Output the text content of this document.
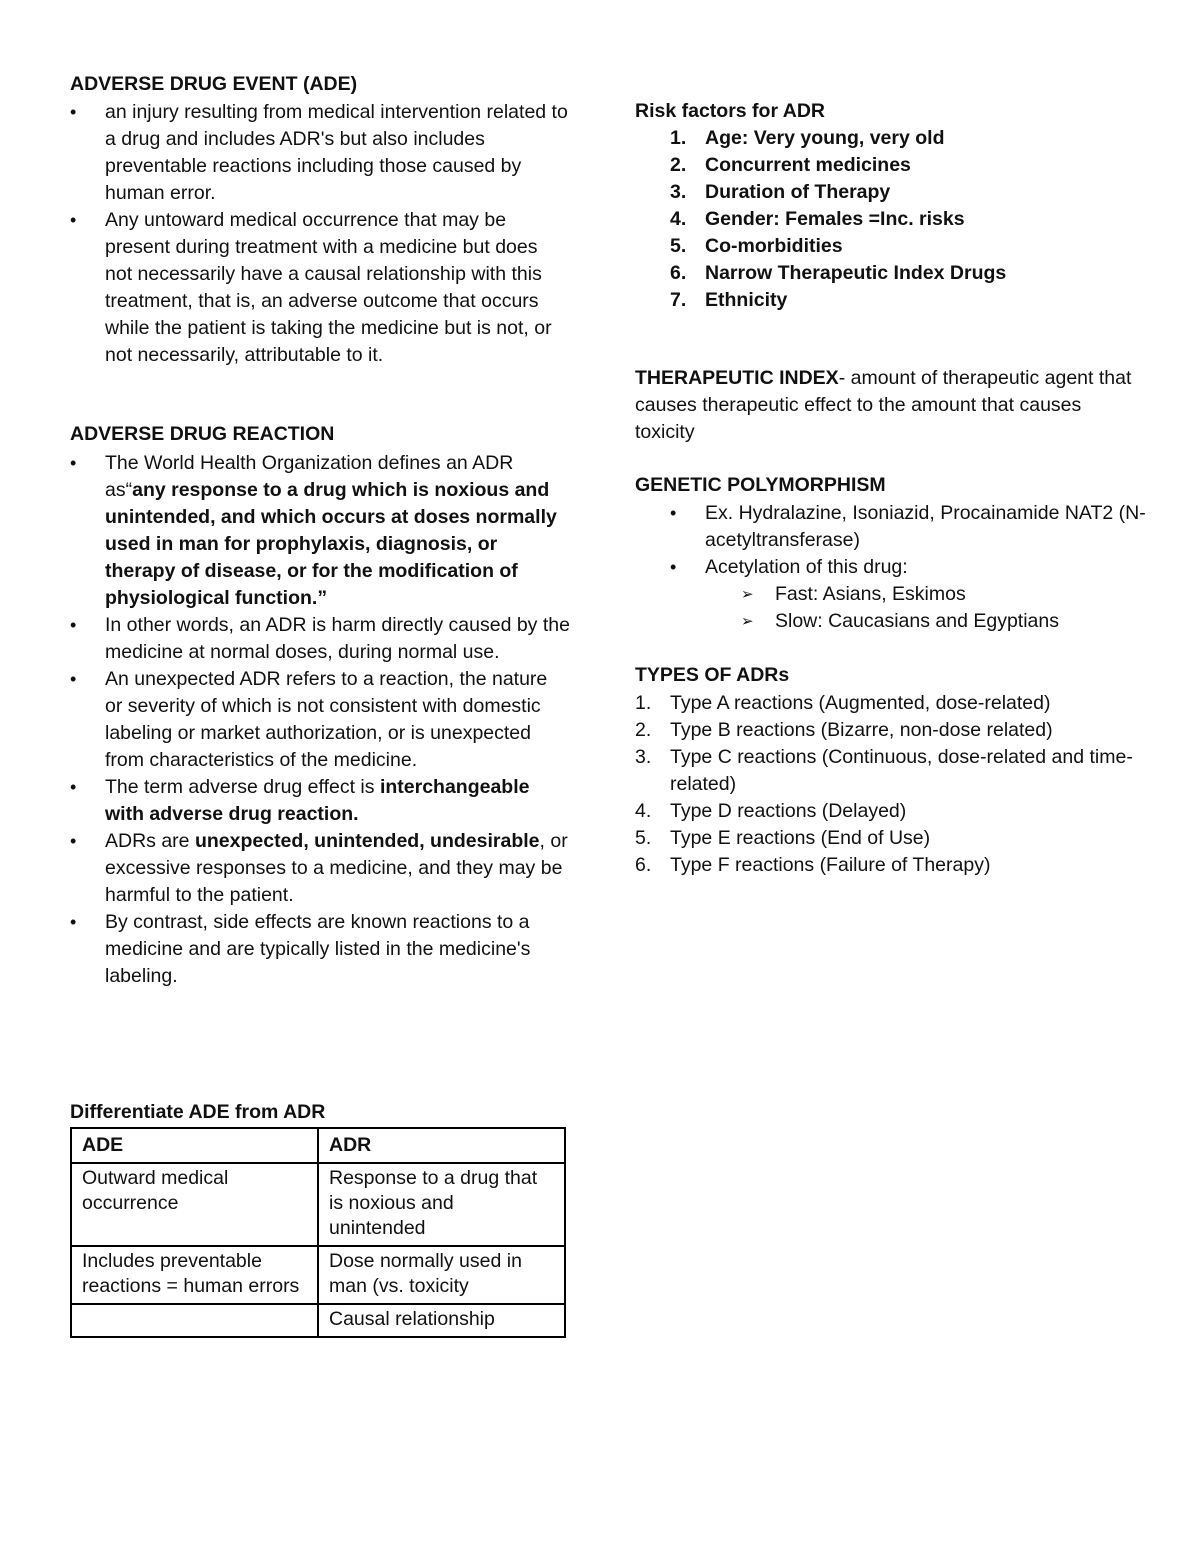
ADVERSE DRUG EVENT (ADE)
• an injury resulting from medical intervention related to a drug and includes ADR's but also includes preventable reactions including those caused by human error.
• Any untoward medical occurrence that may be present during treatment with a medicine but does not necessarily have a causal relationship with this treatment, that is, an adverse outcome that occurs while the patient is taking the medicine but is not, or not necessarily, attributable to it.
ADVERSE DRUG REACTION
• The World Health Organization defines an ADR as“any response to a drug which is noxious and unintended, and which occurs at doses normally used in man for prophylaxis, diagnosis, or therapy of disease, or for the modification of physiological function.”
• In other words, an ADR is harm directly caused by the medicine at normal doses, during normal use.
• An unexpected ADR refers to a reaction, the nature or severity of which is not consistent with domestic labeling or market authorization, or is unexpected from characteristics of the medicine.
• The term adverse drug effect is interchangeable with adverse drug reaction.
• ADRs are unexpected, unintended, undesirable, or excessive responses to a medicine, and they may be harmful to the patient.
• By contrast, side effects are known reactions to a medicine and are typically listed in the medicine's labeling.
Differentiate ADE from ADR
ADE	ADR
Outward medical occurrence	Response to a drug that is noxious and unintended
Includes preventable reactions = human errors	Dose normally used in man (vs. toxicity
	Causal relationship
Risk factors for ADR
1. Age: Very young, very old
2. Concurrent medicines
3. Duration of Therapy
4. Gender: Females =Inc. risks
5. Co-morbidities
6. Narrow Therapeutic Index Drugs
7. Ethnicity

THERAPEUTIC INDEX- amount of therapeutic agent that causes therapeutic effect to the amount that causes toxicity

GENETIC POLYMORPHISM
• Ex. Hydralazine, Isoniazid, Procainamide NAT2 (N-acetyltransferase)
• Acetylation of this drug:
➢ Fast: Asians, Eskimos
➢ Slow: Caucasians and Egyptians
TYPES OF ADRs
1. Type A reactions (Augmented, dose-related)
2. Type B reactions (Bizarre, non-dose related)
3. Type C reactions (Continuous, dose-related and time-related)
4. Type D reactions (Delayed)
5. Type E reactions (End of Use)
6. Type F reactions (Failure of Therapy)
